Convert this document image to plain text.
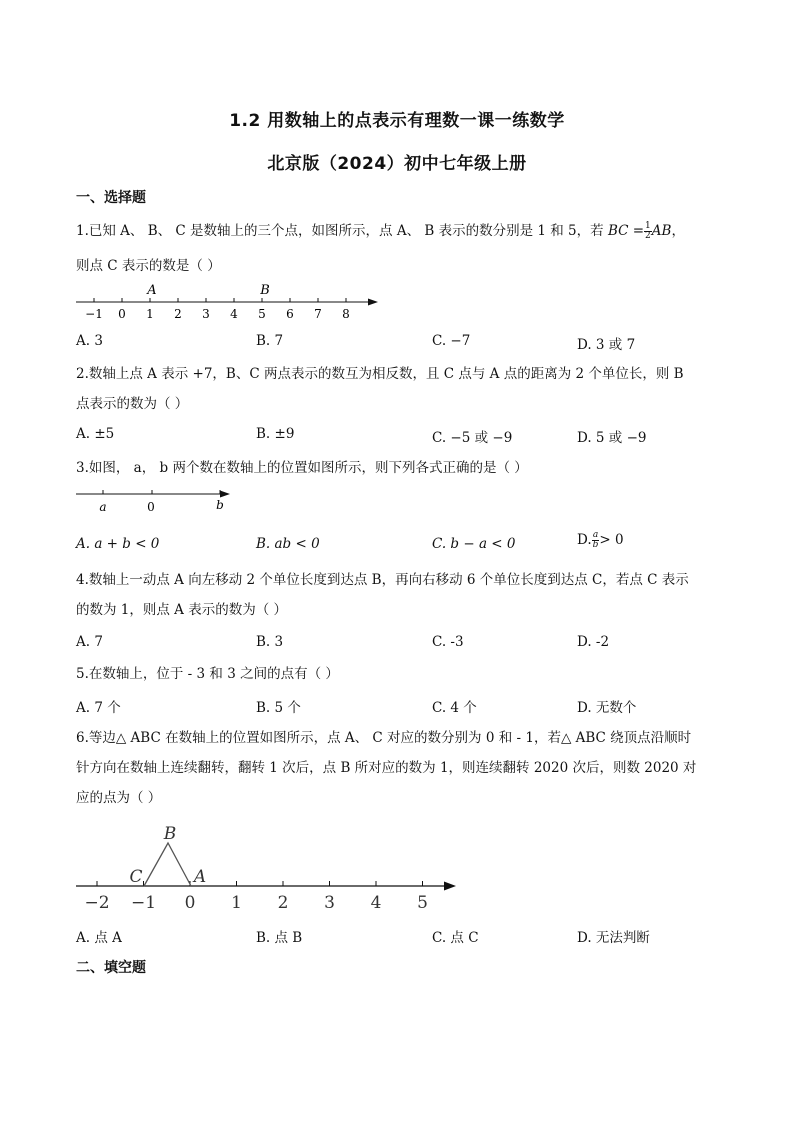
1.2 用数轴上的点表示有理数一课一练数学
北京版（2024）初中七年级上册
一、选择题
1.已知 A、 B、 C 是数轴上的三个点，如图所示，点 A、 B 表示的数分别是 1 和 5，若 BC = $\frac{1}{2}$ AB，
则点 C 表示的数是（ ）
−1 0 1 2 3 4 5 6 7 8
A	B
A. 3	B. 7	C. −7	D. 3 或 7
2.数轴上点 A 表示 +7，B、C 两点表示的数互为相反数，且 C 点与 A 点的距离为 2 个单位长，则 B
点表示的数为（ ）
A. ±5	B. ±9	C. −5 或 −9	D. 5 或 −9
3.如图， a， b 两个数在数轴上的位置如图所示，则下列各式正确的是（ ）
a	0	b
A. a + b < 0	B. ab < 0	C. b − a < 0	D. $\frac{a}{b} > 0$
4.数轴上一动点 A 向左移动 2 个单位长度到达点 B，再向右移动 6 个单位长度到达点 C，若点 C 表示
的数为 1，则点 A 表示的数为（ ）
A. 7	B. 3	C. -3	D. -2
5.在数轴上，位于 - 3 和 3 之间的点有（ ）
A. 7 个	B. 5 个	C. 4 个	D. 无数个
6.等边△ ABC 在数轴上的位置如图所示，点 A、 C 对应的数分别为 0 和 - 1，若△ ABC 绕顶点沿顺时
针方向在数轴上连续翻转，翻转 1 次后，点 B 所对应的数为 1，则连续翻转 2020 次后，则数 2020 对
应的点为（ ）
−2 −1 0 1 2 3 4 5
B
C	A
A. 点 A	B. 点 B	C. 点 C	D. 无法判断
二、填空题
